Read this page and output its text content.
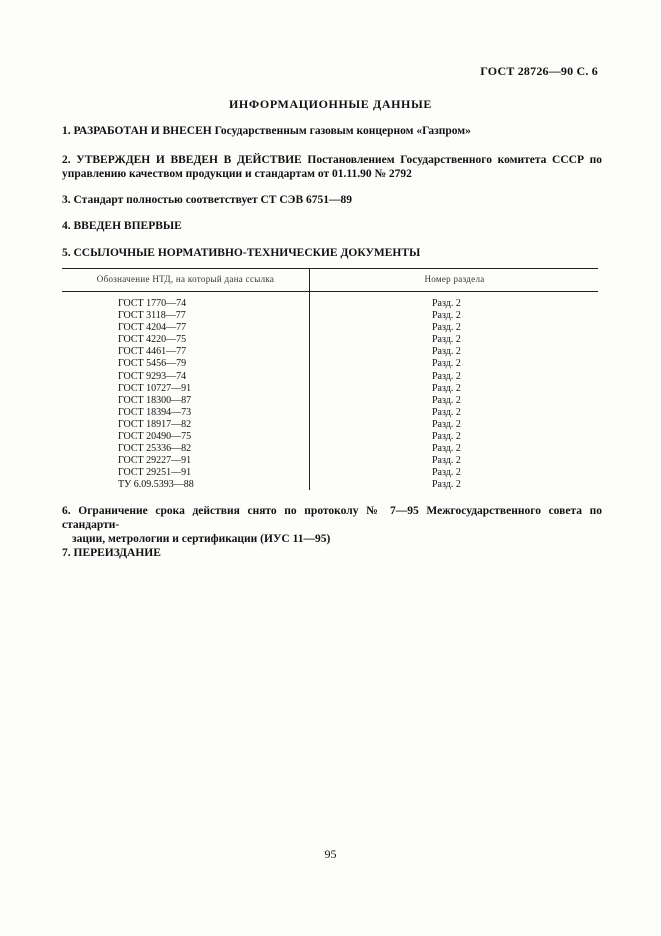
ГОСТ 28726—90 С. 6
ИНФОРМАЦИОННЫЕ ДАННЫЕ
1. РАЗРАБОТАН И ВНЕСЕН Государственным газовым концерном «Газпром»
2. УТВЕРЖДЕН И ВВЕДЕН В ДЕЙСТВИЕ Постановлением Государственного комитета СССР по
управлению качеством продукции и стандартам от 01.11.90 № 2792
3. Стандарт полностью соответствует СТ СЭВ 6751—89
4. ВВЕДЕН ВПЕРВЫЕ
5. ССЫЛОЧНЫЕ НОРМАТИВНО-ТЕХНИЧЕСКИЕ ДОКУМЕНТЫ
Обозначение НТД, на который дана ссылка	Номер раздела
ГОСТ 1770—74	Разд. 2
ГОСТ 3118—77	Разд. 2
ГОСТ 4204—77	Разд. 2
ГОСТ 4220—75	Разд. 2
ГОСТ 4461—77	Разд. 2
ГОСТ 5456—79	Разд. 2
ГОСТ 9293—74	Разд. 2
ГОСТ 10727—91	Разд. 2
ГОСТ 18300—87	Разд. 2
ГОСТ 18394—73	Разд. 2
ГОСТ 18917—82	Разд. 2
ГОСТ 20490—75	Разд. 2
ГОСТ 25336—82	Разд. 2
ГОСТ 29227—91	Разд. 2
ГОСТ 29251—91	Разд. 2
ТУ 6.09.5393—88	Разд. 2
6. Ограничение срока действия снято по протоколу № 7—95 Межгосударственного совета по стандарти-
зации, метрологии и сертификации (ИУС 11—95)
7. ПЕРЕИЗДАНИЕ
95
